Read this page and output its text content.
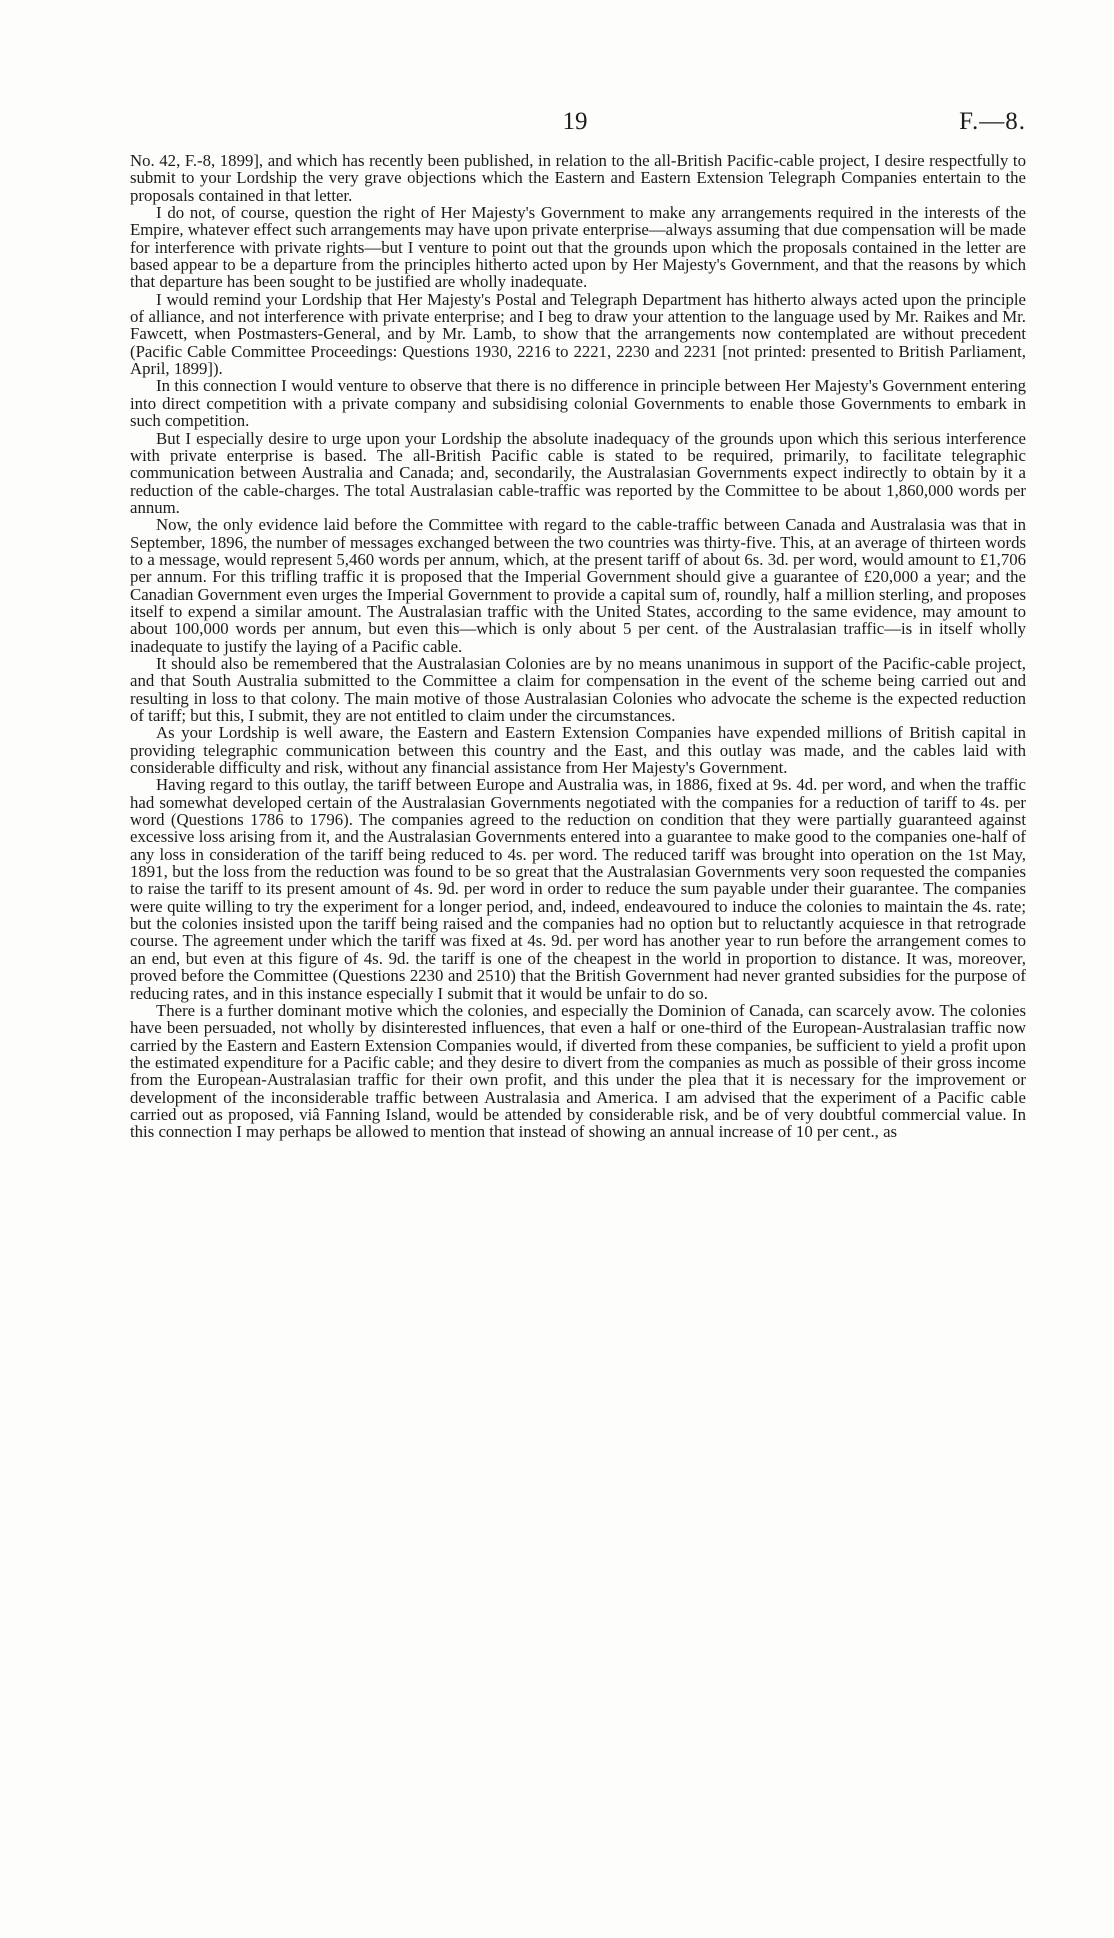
19	F.—8.

No. 42, F.-8, 1899], and which has recently been published, in relation to the all-British Pacific-cable project, I desire respectfully to submit to your Lordship the very grave objections which the Eastern and Eastern Extension Telegraph Companies entertain to the proposals contained in that letter.

I do not, of course, question the right of Her Majesty's Government to make any arrangements required in the interests of the Empire, whatever effect such arrangements may have upon private enterprise—always assuming that due compensation will be made for interference with private rights—but I venture to point out that the grounds upon which the proposals contained in the letter are based appear to be a departure from the principles hitherto acted upon by Her Majesty's Government, and that the reasons by which that departure has been sought to be justified are wholly inadequate.

I would remind your Lordship that Her Majesty's Postal and Telegraph Department has hitherto always acted upon the principle of alliance, and not interference with private enterprise; and I beg to draw your attention to the language used by Mr. Raikes and Mr. Fawcett, when Postmasters-General, and by Mr. Lamb, to show that the arrangements now contemplated are without precedent (Pacific Cable Committee Proceedings: Questions 1930, 2216 to 2221, 2230 and 2231 [not printed: presented to British Parliament, April, 1899]).

In this connection I would venture to observe that there is no difference in principle between Her Majesty's Government entering into direct competition with a private company and subsidising colonial Governments to enable those Governments to embark in such competition.

But I especially desire to urge upon your Lordship the absolute inadequacy of the grounds upon which this serious interference with private enterprise is based. The all-British Pacific cable is stated to be required, primarily, to facilitate telegraphic communication between Australia and Canada; and, secondarily, the Australasian Governments expect indirectly to obtain by it a reduction of the cable-charges. The total Australasian cable-traffic was reported by the Committee to be about 1,860,000 words per annum.

Now, the only evidence laid before the Committee with regard to the cable-traffic between Canada and Australasia was that in September, 1896, the number of messages exchanged between the two countries was thirty-five. This, at an average of thirteen words to a message, would represent 5,460 words per annum, which, at the present tariff of about 6s. 3d. per word, would amount to £1,706 per annum. For this trifling traffic it is proposed that the Imperial Government should give a guarantee of £20,000 a year; and the Canadian Government even urges the Imperial Government to provide a capital sum of, roundly, half a million sterling, and proposes itself to expend a similar amount. The Australasian traffic with the United States, according to the same evidence, may amount to about 100,000 words per annum, but even this—which is only about 5 per cent. of the Australasian traffic—is in itself wholly inadequate to justify the laying of a Pacific cable.

It should also be remembered that the Australasian Colonies are by no means unanimous in support of the Pacific-cable project, and that South Australia submitted to the Committee a claim for compensation in the event of the scheme being carried out and resulting in loss to that colony. The main motive of those Australasian Colonies who advocate the scheme is the expected reduction of tariff; but this, I submit, they are not entitled to claim under the circumstances.

As your Lordship is well aware, the Eastern and Eastern Extension Companies have expended millions of British capital in providing telegraphic communication between this country and the East, and this outlay was made, and the cables laid with considerable difficulty and risk, without any financial assistance from Her Majesty's Government.

Having regard to this outlay, the tariff between Europe and Australia was, in 1886, fixed at 9s. 4d. per word, and when the traffic had somewhat developed certain of the Australasian Governments negotiated with the companies for a reduction of tariff to 4s. per word (Questions 1786 to 1796). The companies agreed to the reduction on condition that they were partially guaranteed against excessive loss arising from it, and the Australasian Governments entered into a guarantee to make good to the companies one-half of any loss in consideration of the tariff being reduced to 4s. per word. The reduced tariff was brought into operation on the 1st May, 1891, but the loss from the reduction was found to be so great that the Australasian Governments very soon requested the companies to raise the tariff to its present amount of 4s. 9d. per word in order to reduce the sum payable under their guarantee. The companies were quite willing to try the experiment for a longer period, and, indeed, endeavoured to induce the colonies to maintain the 4s. rate; but the colonies insisted upon the tariff being raised and the companies had no option but to reluctantly acquiesce in that retrograde course. The agreement under which the tariff was fixed at 4s. 9d. per word has another year to run before the arrangement comes to an end, but even at this figure of 4s. 9d. the tariff is one of the cheapest in the world in proportion to distance. It was, moreover, proved before the Committee (Questions 2230 and 2510) that the British Government had never granted subsidies for the purpose of reducing rates, and in this instance especially I submit that it would be unfair to do so.

There is a further dominant motive which the colonies, and especially the Dominion of Canada, can scarcely avow. The colonies have been persuaded, not wholly by disinterested influences, that even a half or one-third of the European-Australasian traffic now carried by the Eastern and Eastern Extension Companies would, if diverted from these companies, be sufficient to yield a profit upon the estimated expenditure for a Pacific cable; and they desire to divert from the companies as much as possible of their gross income from the European-Australasian traffic for their own profit, and this under the plea that it is necessary for the improvement or development of the inconsiderable traffic between Australasia and America. I am advised that the experiment of a Pacific cable carried out as proposed, viâ Fanning Island, would be attended by considerable risk, and be of very doubtful commercial value. In this connection I may perhaps be allowed to mention that instead of showing an annual increase of 10 per cent., as
